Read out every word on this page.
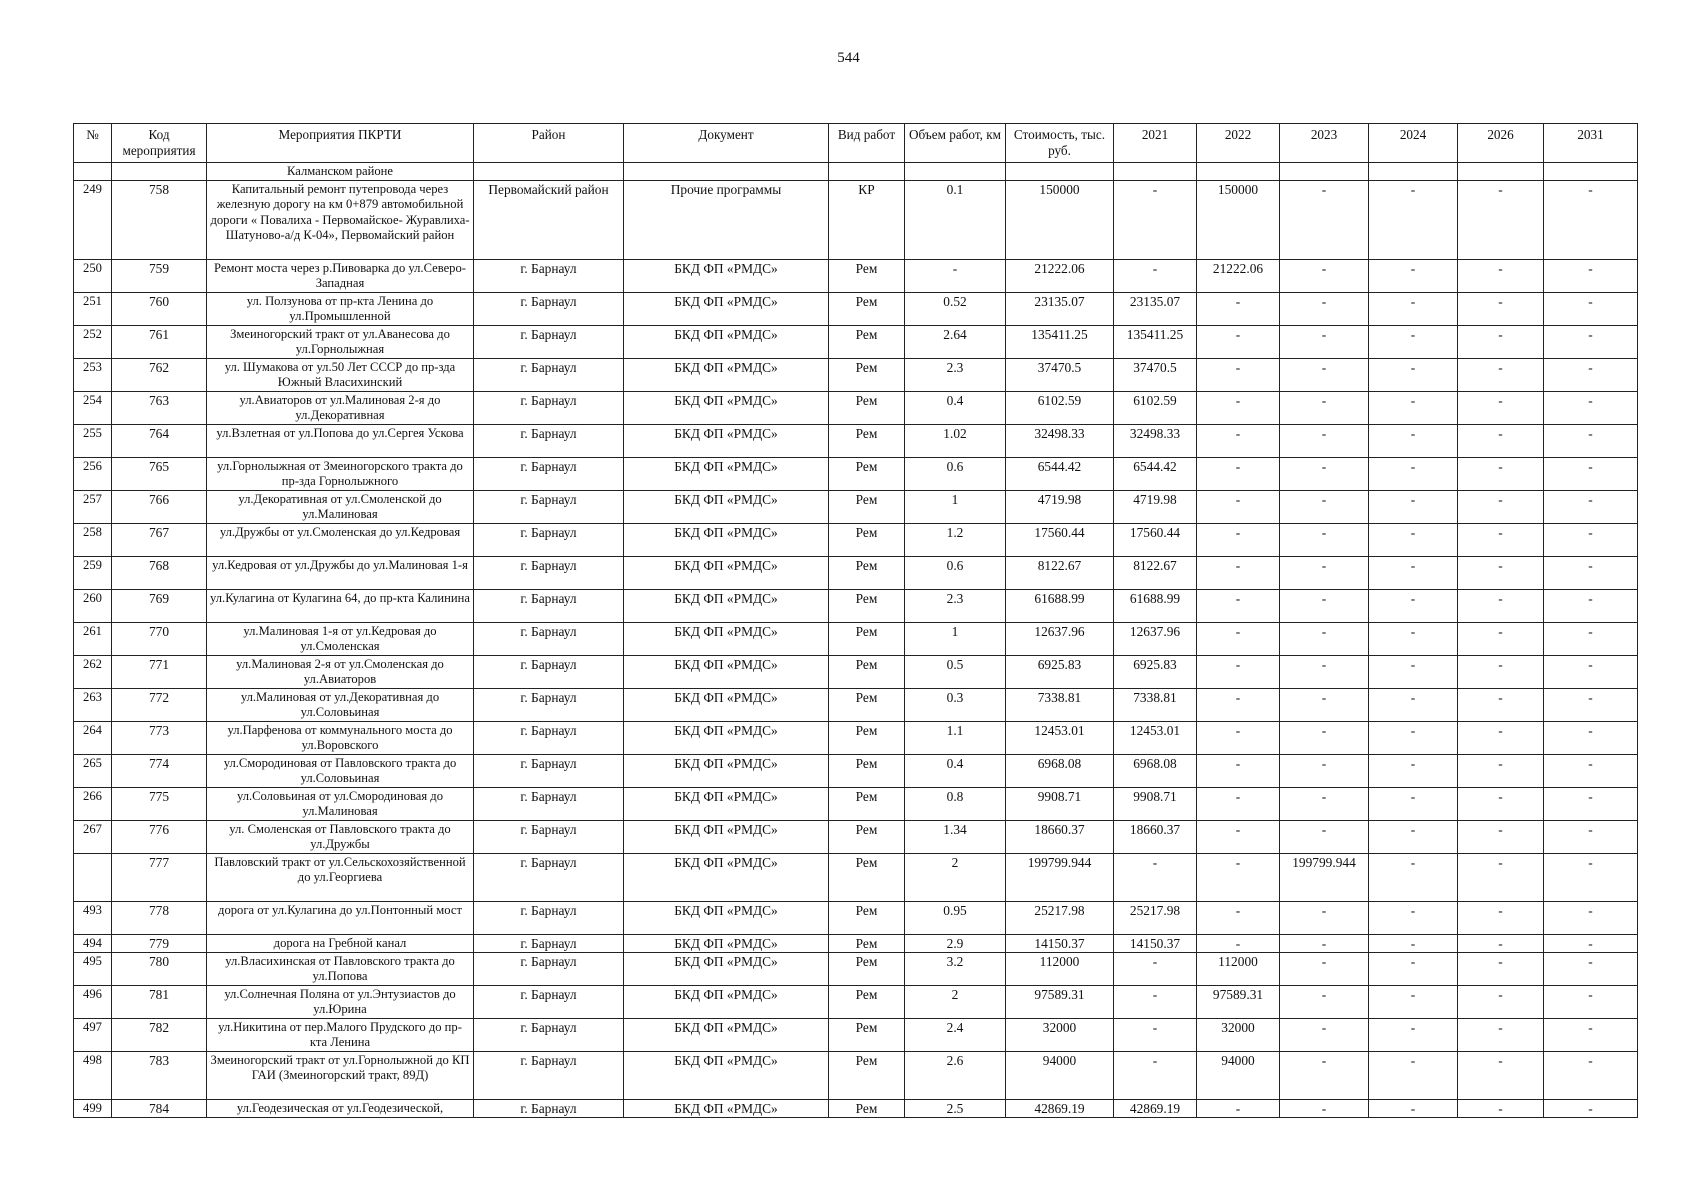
544
№	Код мероприятия	Мероприятия ПКРТИ	Район	Документ	Вид работ	Объем работ, км	Стоимость, тыс. руб.	2021	2022	2023	2024	2026	2031
		Калманском районе											
249	758	Капитальный ремонт путепровода через железную дорогу на км 0+879 автомобильной дороги « Повалиха - Первомайское- Журавлиха-Шатуново-а/д К-04», Первомайский район	Первомайский район	Прочие программы	КР	0.1	150000	-	150000	-	-	-	-
250	759	Ремонт моста через р.Пивоварка до ул.Северо-Западная	г. Барнаул	БКД ФП «РМДС»	Рем	-	21222.06	-	21222.06	-	-	-	-
251	760	ул. Ползунова от пр-кта Ленина до ул.Промышленной	г. Барнаул	БКД ФП «РМДС»	Рем	0.52	23135.07	23135.07	-	-	-	-	-
252	761	Змеиногорский тракт от ул.Аванесова до ул.Горнолыжная	г. Барнаул	БКД ФП «РМДС»	Рем	2.64	135411.25	135411.25	-	-	-	-	-
253	762	ул. Шумакова от ул.50 Лет СССР до пр-зда Южный Власихинский	г. Барнаул	БКД ФП «РМДС»	Рем	2.3	37470.5	37470.5	-	-	-	-	-
254	763	ул.Авиаторов от ул.Малиновая 2-я до ул.Декоративная	г. Барнаул	БКД ФП «РМДС»	Рем	0.4	6102.59	6102.59	-	-	-	-	-
255	764	ул.Взлетная от ул.Попова до ул.Сергея Ускова	г. Барнаул	БКД ФП «РМДС»	Рем	1.02	32498.33	32498.33	-	-	-	-	-
256	765	ул.Горнолыжная от Змеиногорского тракта до пр-зда Горнолыжного	г. Барнаул	БКД ФП «РМДС»	Рем	0.6	6544.42	6544.42	-	-	-	-	-
257	766	ул.Декоративная от ул.Смоленской до ул.Малиновая	г. Барнаул	БКД ФП «РМДС»	Рем	1	4719.98	4719.98	-	-	-	-	-
258	767	ул.Дружбы от ул.Смоленская до ул.Кедровая	г. Барнаул	БКД ФП «РМДС»	Рем	1.2	17560.44	17560.44	-	-	-	-	-
259	768	ул.Кедровая от ул.Дружбы до ул.Малиновая 1-я	г. Барнаул	БКД ФП «РМДС»	Рем	0.6	8122.67	8122.67	-	-	-	-	-
260	769	ул.Кулагина от Кулагина 64, до пр-кта Калинина	г. Барнаул	БКД ФП «РМДС»	Рем	2.3	61688.99	61688.99	-	-	-	-	-
261	770	ул.Малиновая 1-я от ул.Кедровая до ул.Смоленская	г. Барнаул	БКД ФП «РМДС»	Рем	1	12637.96	12637.96	-	-	-	-	-
262	771	ул.Малиновая 2-я от ул.Смоленская до ул.Авиаторов	г. Барнаул	БКД ФП «РМДС»	Рем	0.5	6925.83	6925.83	-	-	-	-	-
263	772	ул.Малиновая от ул.Декоративная до ул.Соловьиная	г. Барнаул	БКД ФП «РМДС»	Рем	0.3	7338.81	7338.81	-	-	-	-	-
264	773	ул.Парфенова от коммунального моста до ул.Воровского	г. Барнаул	БКД ФП «РМДС»	Рем	1.1	12453.01	12453.01	-	-	-	-	-
265	774	ул.Смородиновая от Павловского тракта до ул.Соловьиная	г. Барнаул	БКД ФП «РМДС»	Рем	0.4	6968.08	6968.08	-	-	-	-	-
266	775	ул.Соловьиная от ул.Смородиновая до ул.Малиновая	г. Барнаул	БКД ФП «РМДС»	Рем	0.8	9908.71	9908.71	-	-	-	-	-
267	776	ул. Смоленская от Павловского тракта до ул.Дружбы	г. Барнаул	БКД ФП «РМДС»	Рем	1.34	18660.37	18660.37	-	-	-	-	-
	777	Павловский тракт от ул.Сельскохозяйственной до ул.Георгиева	г. Барнаул	БКД ФП «РМДС»	Рем	2	199799.944	-	-	199799.944	-	-	-
493	778	дорога от ул.Кулагина до ул.Понтонный мост	г. Барнаул	БКД ФП «РМДС»	Рем	0.95	25217.98	25217.98	-	-	-	-	-
494	779	дорога на Гребной канал	г. Барнаул	БКД ФП «РМДС»	Рем	2.9	14150.37	14150.37	-	-	-	-	-
495	780	ул.Власихинская от Павловского тракта до ул.Попова	г. Барнаул	БКД ФП «РМДС»	Рем	3.2	112000	-	112000	-	-	-	-
496	781	ул.Солнечная Поляна от ул.Энтузиастов до ул.Юрина	г. Барнаул	БКД ФП «РМДС»	Рем	2	97589.31	-	97589.31	-	-	-	-
497	782	ул.Никитина от пер.Малого Прудского до пр-кта Ленина	г. Барнаул	БКД ФП «РМДС»	Рем	2.4	32000	-	32000	-	-	-	-
498	783	Змеиногорский тракт от ул.Горнолыжной до КП ГАИ (Змеиногорский тракт, 89Д)	г. Барнаул	БКД ФП «РМДС»	Рем	2.6	94000	-	94000	-	-	-	-
499	784	ул.Геодезическая от ул.Геодезической,	г. Барнаул	БКД ФП «РМДС»	Рем	2.5	42869.19	42869.19	-	-	-	-	-
